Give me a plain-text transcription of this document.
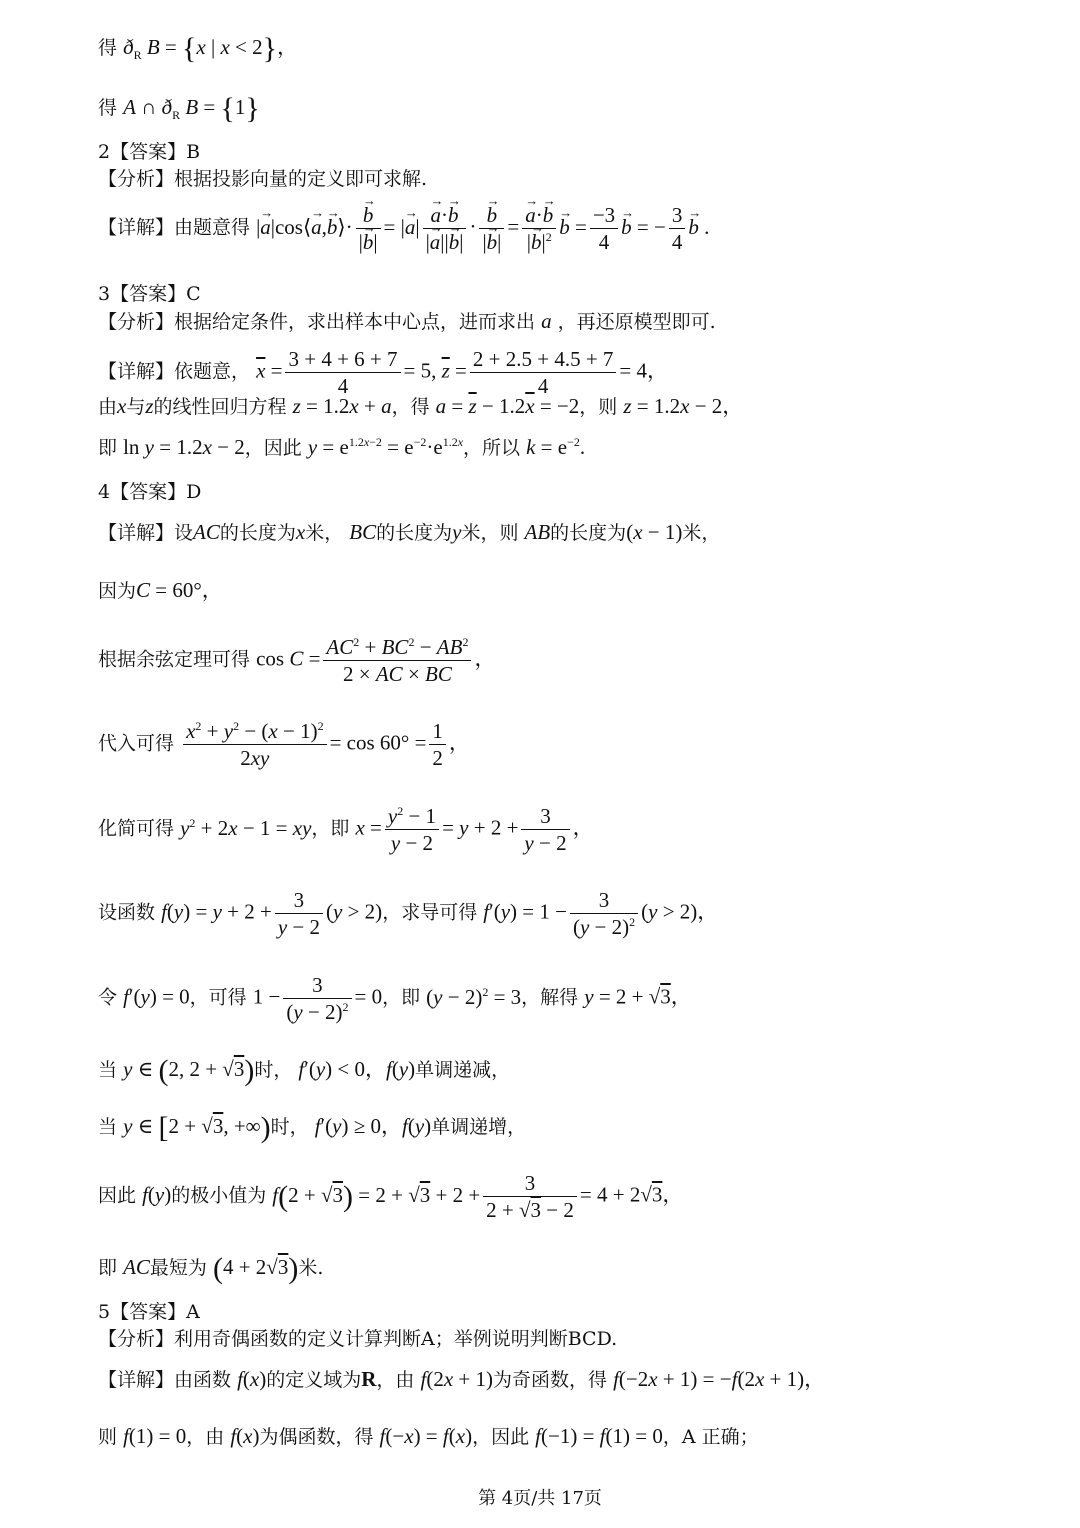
得 $ð_R$ B = {x | x < 2}，
得 A ∩ $ð_R$ B = {1}
2【答案】B
【分析】根据投影向量的定义即可求解.
【详解】由题意得 |→ a|cos⟨→ a,→ b⟩· → $\frac{b}{|\to b|}$ = |→ $a| \to \frac{a\cdot\to b}{|\to a||\to b|}$ · → $\frac{b}{|\to b|}$ = → $\frac{a\cdot\to b}{|\to b|^2} \to b = \frac{-3}{4} \to b$ = − $\frac{3}{4} \to b$ .
3【答案】C
【分析】根据给定条件，求出样本中心点，进而求出 a ，再还原模型即可.
【详解】依题意， $\overline{x} = \frac{3 + 4 + 6 + 7}{4} = 5$, $\overline{z} = \frac{2 + 2.5 + 4.5 + 7}{4} = 4$，
由x与z的线性回归方程 z = 1.2x + a，得 $a = \overline{z} - 1.2\overline{x} = -2$，则 z = 1.2x − 2，
即 ln y = 1.2x − 2，因此 $y = e^{1.2x-2} = e^{-2}\cdot e^{1.2x}$，所以 $k = e^{-2}$.
4【答案】D
【详解】设AC的长度为x米， BC的长度为y米，则 AB的长度为(x − 1)米，
因为C = 60°，
根据余弦定理可得 $\cos C = \frac{AC^2 + BC^2 - AB^2}{2 \times AC \times BC}$ ，
代入可得 $\frac{x^2 + y^2 - (x - 1)^2}{2xy} = \cos 60^\circ = \frac{1}{2}$ ，
化简可得 $y^2 + 2x - 1$ = xy，即 $x = \frac{y^2 - 1}{y - 2} = y + 2 + \frac{3}{y - 2}$ ，
设函数 $f(y) = y + 2 + \frac{3}{y - 2} (y > 2)$，求导可得 $f'(y) = 1 - \frac{3}{(y - 2)^2} (y > 2)$，
令 f′(y) = 0，可得 $1 - \frac{3}{(y - 2)^2} = 0$，即 $(y - 2)^2 = 3$，解得 y = 2 + √3，
当 y ∈ (2, 2 + √3)时， f′(y) < 0，f(y)单调递减，
当 y ∈ [2 + √3, +∞)时， f′(y) ≥ 0，f(y)单调递增，
因此 f(y)的极小值为 $f(2 + √3) = 2 + √3 + 2 + \frac{3}{2 + √3 - 2} = 4 + 2√3$，
即 AC最短为 (4 + 2√3)米.
5【答案】A
【分析】利用奇偶函数的定义计算判断A；举例说明判断BCD.
【详解】由函数 f(x)的定义域为R，由 f(2x + 1)为奇函数，得 f(−2x + 1) = −f(2x + 1)，
则 f(1) = 0，由 f(x)为偶函数，得 f(−x) = f(x)，因此 f(−1) = f(1) = 0，A 正确；
第 4页/共 17页
